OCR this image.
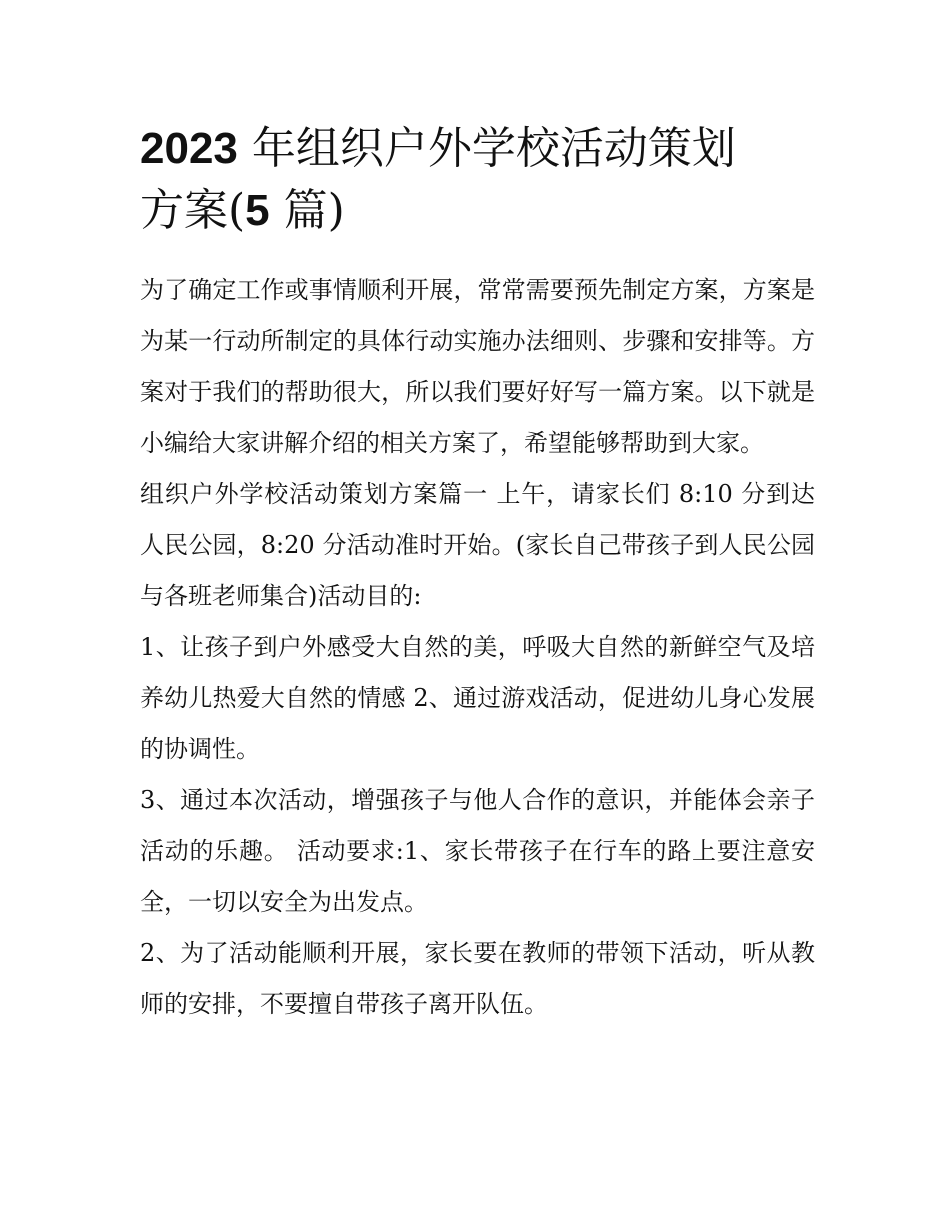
2023 年组织户外学校活动策划
方案(5 篇)

为了确定工作或事情顺利开展，常常需要预先制定方案，方案是为某一行动所制定的具体行动实施办法细则、步骤和安排等。方案对于我们的帮助很大，所以我们要好好写一篇方案。以下就是小编给大家讲解介绍的相关方案了，希望能够帮助到大家。

组织户外学校活动策划方案篇一 上午，请家长们 8:10 分到达人民公园，8:20 分活动准时开始。(家长自己带孩子到人民公园与各班老师集合)活动目的:

1、让孩子到户外感受大自然的美，呼吸大自然的新鲜空气及培养幼儿热爱大自然的情感 2、通过游戏活动，促进幼儿身心发展的协调性。

3、通过本次活动，增强孩子与他人合作的意识，并能体会亲子活动的乐趣。 活动要求:1、家长带孩子在行车的路上要注意安全，一切以安全为出发点。

2、为了活动能顺利开展，家长要在教师的带领下活动，听从教师的安排，不要擅自带孩子离开队伍。
